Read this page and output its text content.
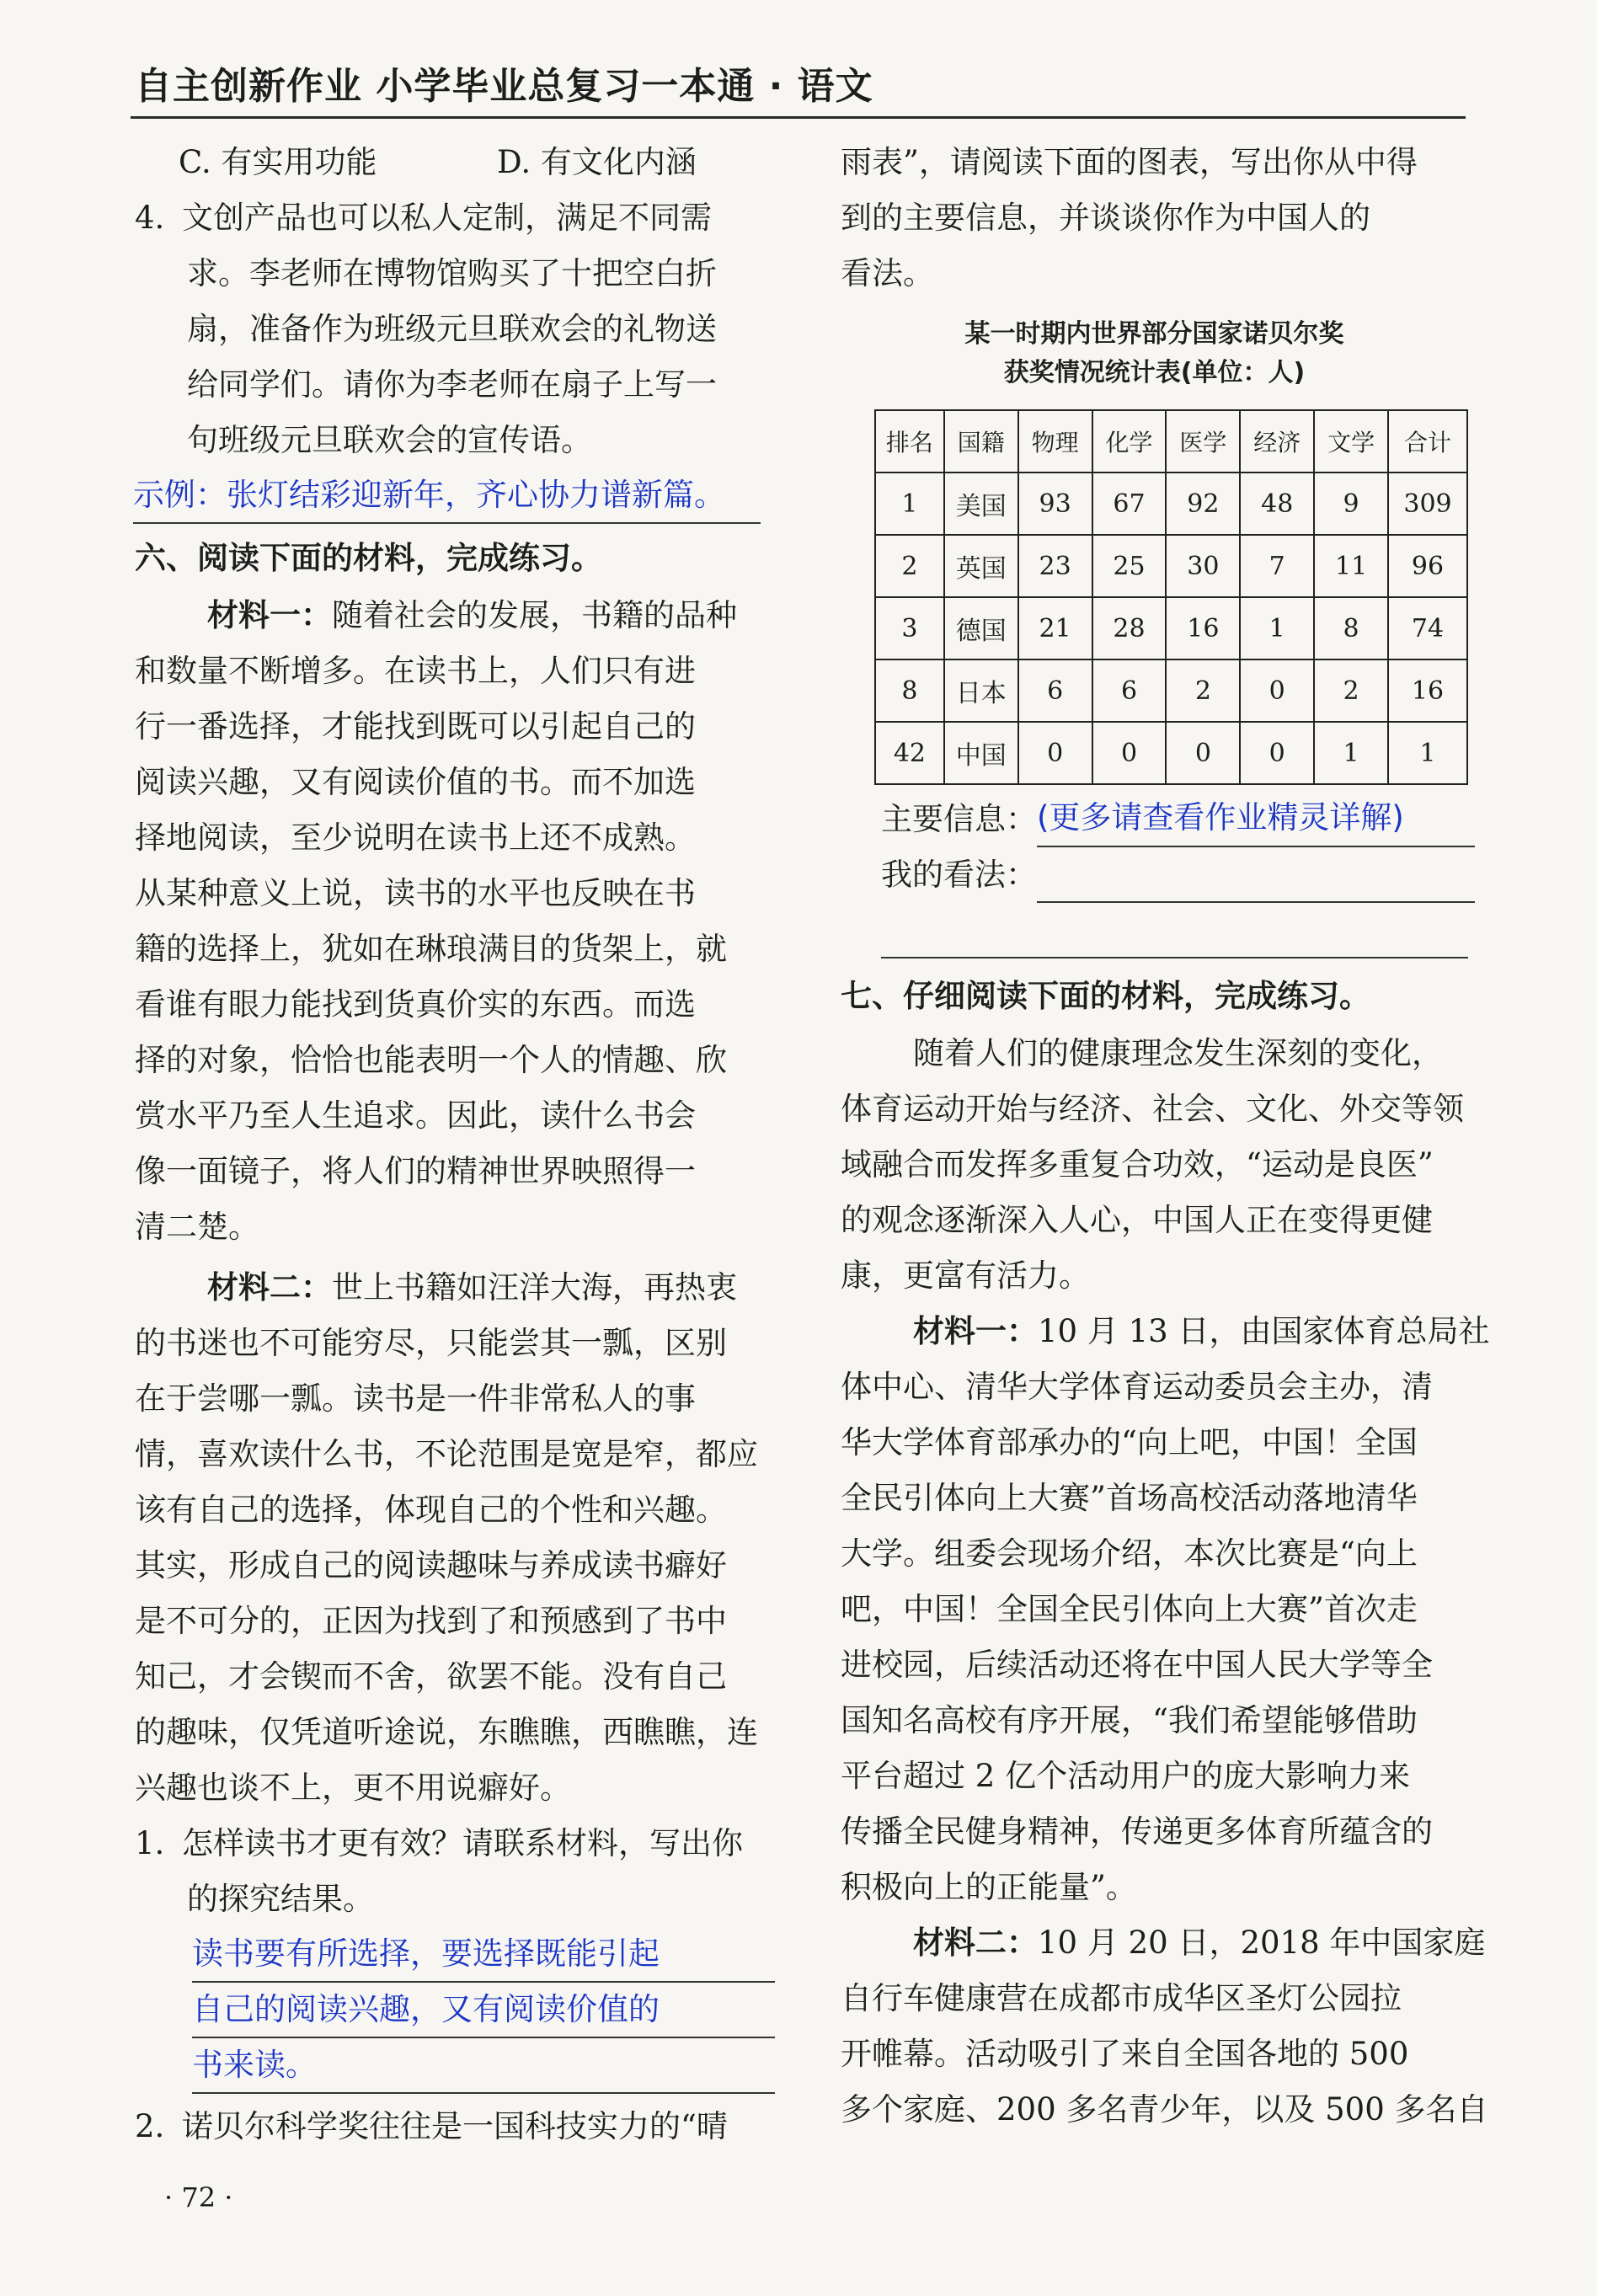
自主创新作业 小学毕业总复习一本通 · 语文
C. 有实用功能	D. 有文化内涵
4. 文创产品也可以私人定制，满足不同需
求。李老师在博物馆购买了十把空白折
扇，准备作为班级元旦联欢会的礼物送
给同学们。请你为李老师在扇子上写一
句班级元旦联欢会的宣传语。
示例：张灯结彩迎新年，齐心协力谱新篇。
六、阅读下面的材料，完成练习。
材料一：随着社会的发展，书籍的品种
和数量不断增多。在读书上，人们只有进
行一番选择，才能找到既可以引起自己的
阅读兴趣，又有阅读价值的书。而不加选
择地阅读，至少说明在读书上还不成熟。
从某种意义上说，读书的水平也反映在书
籍的选择上，犹如在琳琅满目的货架上，就
看谁有眼力能找到货真价实的东西。而选
择的对象，恰恰也能表明一个人的情趣、欣
赏水平乃至人生追求。因此，读什么书会
像一面镜子，将人们的精神世界映照得一
清二楚。
材料二：世上书籍如汪洋大海，再热衷
的书迷也不可能穷尽，只能尝其一瓢，区别
在于尝哪一瓢。读书是一件非常私人的事
情，喜欢读什么书，不论范围是宽是窄，都应
该有自己的选择，体现自己的个性和兴趣。
其实，形成自己的阅读趣味与养成读书癖好
是不可分的，正因为找到了和预感到了书中
知己，才会锲而不舍，欲罢不能。没有自己
的趣味，仅凭道听途说，东瞧瞧，西瞧瞧，连
兴趣也谈不上，更不用说癖好。
1. 怎样读书才更有效？请联系材料，写出你
的探究结果。
读书要有所选择，要选择既能引起
自己的阅读兴趣，又有阅读价值的
书来读。
2. 诺贝尔科学奖往往是一国科技实力的“晴
雨表”，请阅读下面的图表，写出你从中得
到的主要信息，并谈谈你作为中国人的
看法。
某一时期内世界部分国家诺贝尔奖
获奖情况统计表(单位：人)
排名	国籍	物理	化学	医学	经济	文学	合计
1	美国	93	67	92	48	9	309
2	英国	23	25	30	7	11	96
3	德国	21	28	16	1	8	74
8	日本	6	6	2	0	2	16
42	中国	0	0	0	0	1	1
主要信息：(更多请查看作业精灵详解)
我的看法：
七、仔细阅读下面的材料，完成练习。
随着人们的健康理念发生深刻的变化，
体育运动开始与经济、社会、文化、外交等领
域融合而发挥多重复合功效，“运动是良医”
的观念逐渐深入人心，中国人正在变得更健
康，更富有活力。
材料一：10 月 13 日，由国家体育总局社
体中心、清华大学体育运动委员会主办，清
华大学体育部承办的“向上吧，中国！全国
全民引体向上大赛”首场高校活动落地清华
大学。组委会现场介绍，本次比赛是“向上
吧，中国！全国全民引体向上大赛”首次走
进校园，后续活动还将在中国人民大学等全
国知名高校有序开展，“我们希望能够借助
平台超过 2 亿个活动用户的庞大影响力来
传播全民健身精神，传递更多体育所蕴含的
积极向上的正能量”。
材料二：10 月 20 日，2018 年中国家庭
自行车健康营在成都市成华区圣灯公园拉
开帷幕。活动吸引了来自全国各地的 500
多个家庭、200 多名青少年，以及 500 多名自
· 72 ·
